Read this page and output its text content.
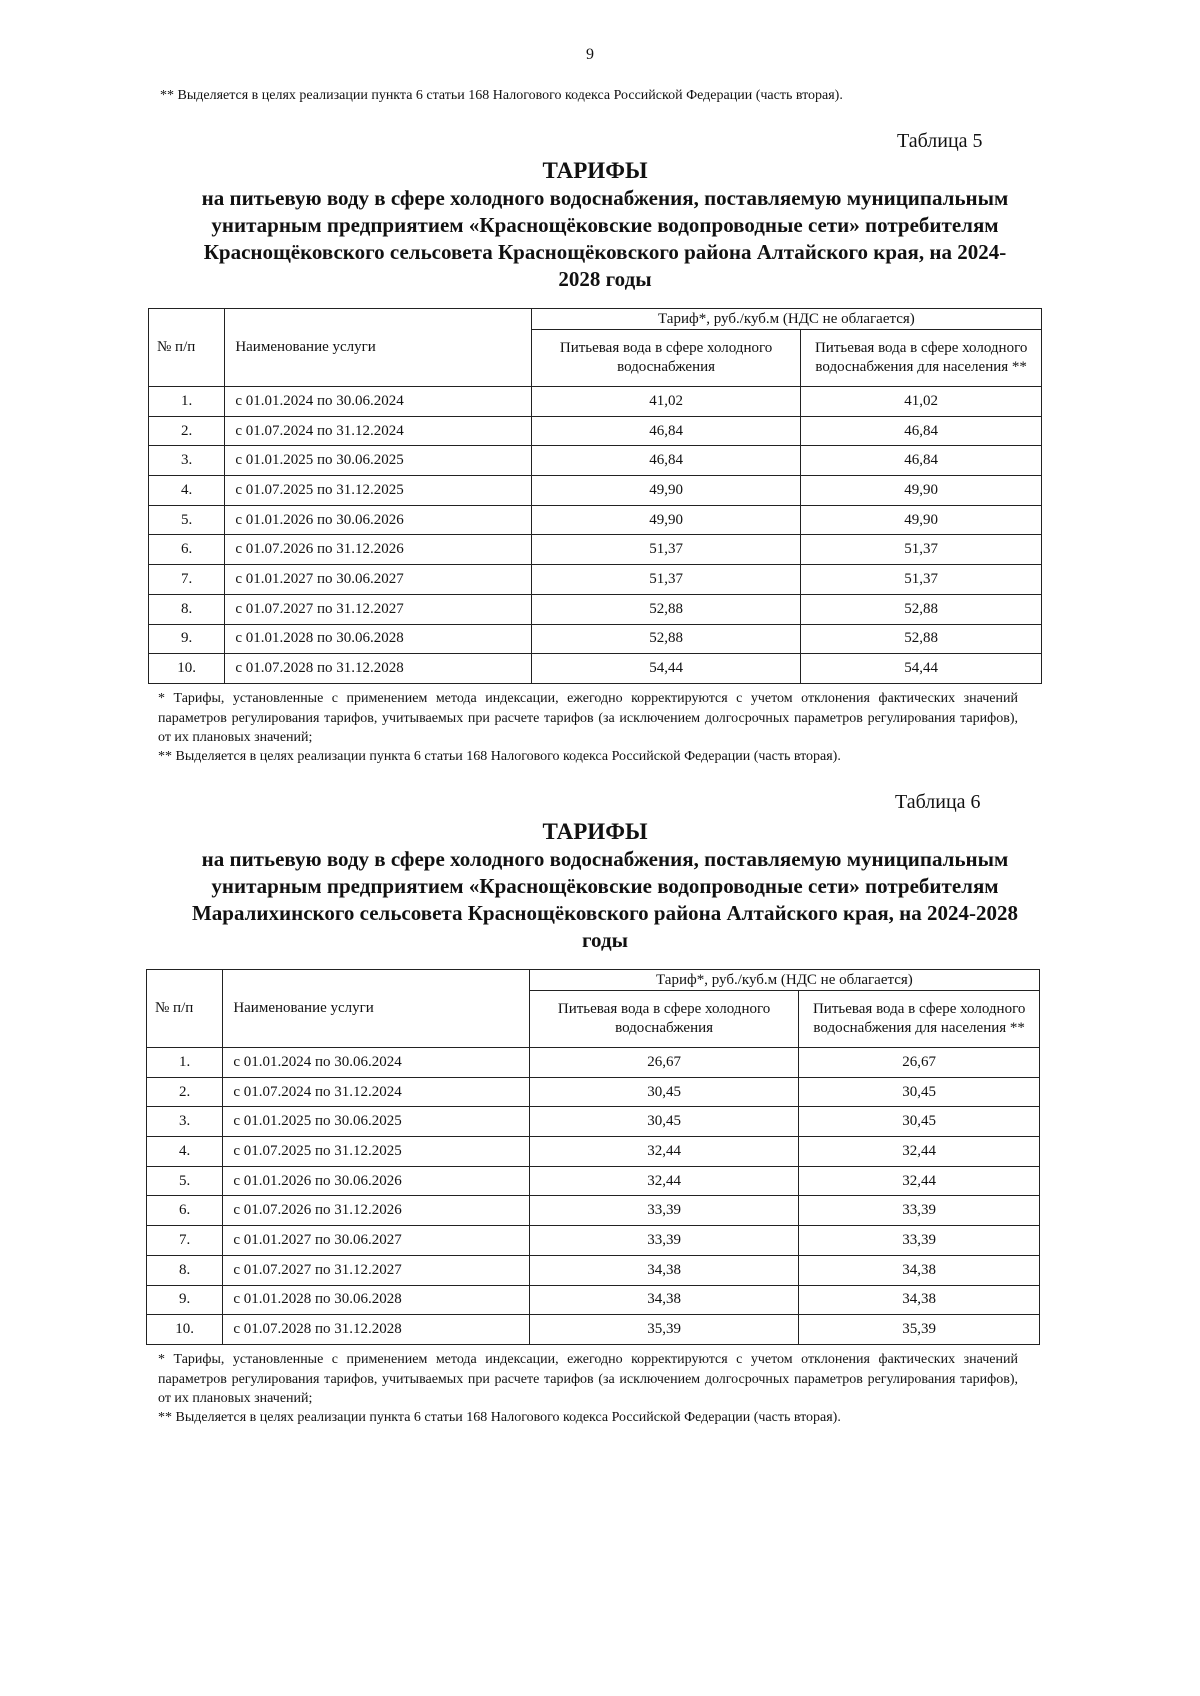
9
** Выделяется в целях реализации пункта 6 статьи 168 Налогового кодекса Российской Федерации (часть вторая).
Таблица 5
ТАРИФЫ
на питьевую воду в сфере холодного водоснабжения, поставляемую муниципальным унитарным предприятием «Краснощёковские водопроводные сети» потребителям Краснощёковского сельсовета Краснощёковского района Алтайского края, на 2024-2028 годы
№ п/п	Наименование услуги	Тариф*, руб./куб.м (НДС не облагается)	
		Питьевая вода в сфере холодного водоснабжения	Питьевая вода в сфере холодного водоснабжения для населения **
1.	с 01.01.2024 по 30.06.2024	41,02	41,02
2.	с 01.07.2024 по 31.12.2024	46,84	46,84
3.	с 01.01.2025 по 30.06.2025	46,84	46,84
4.	с 01.07.2025 по 31.12.2025	49,90	49,90
5.	с 01.01.2026 по 30.06.2026	49,90	49,90
6.	с 01.07.2026 по 31.12.2026	51,37	51,37
7.	с 01.01.2027 по 30.06.2027	51,37	51,37
8.	с 01.07.2027 по 31.12.2027	52,88	52,88
9.	с 01.01.2028 по 30.06.2028	52,88	52,88
10.	с 01.07.2028 по 31.12.2028	54,44	54,44
* Тарифы, установленные с применением метода индексации, ежегодно корректируются с учетом отклонения фактических значений параметров регулирования тарифов, учитываемых при расчете тарифов (за исключением долгосрочных параметров регулирования тарифов), от их плановых значений;
** Выделяется в целях реализации пункта 6 статьи 168 Налогового кодекса Российской Федерации (часть вторая).
Таблица 6
ТАРИФЫ
на питьевую воду в сфере холодного водоснабжения, поставляемую муниципальным унитарным предприятием «Краснощёковские водопроводные сети» потребителям Маралихинского сельсовета Краснощёковского района Алтайского края, на 2024-2028 годы
№ п/п	Наименование услуги	Тариф*, руб./куб.м (НДС не облагается)	
		Питьевая вода в сфере холодного водоснабжения	Питьевая вода в сфере холодного водоснабжения для населения **
1.	с 01.01.2024 по 30.06.2024	26,67	26,67
2.	с 01.07.2024 по 31.12.2024	30,45	30,45
3.	с 01.01.2025 по 30.06.2025	30,45	30,45
4.	с 01.07.2025 по 31.12.2025	32,44	32,44
5.	с 01.01.2026 по 30.06.2026	32,44	32,44
6.	с 01.07.2026 по 31.12.2026	33,39	33,39
7.	с 01.01.2027 по 30.06.2027	33,39	33,39
8.	с 01.07.2027 по 31.12.2027	34,38	34,38
9.	с 01.01.2028 по 30.06.2028	34,38	34,38
10.	с 01.07.2028 по 31.12.2028	35,39	35,39
* Тарифы, установленные с применением метода индексации, ежегодно корректируются с учетом отклонения фактических значений параметров регулирования тарифов, учитываемых при расчете тарифов (за исключением долгосрочных параметров регулирования тарифов), от их плановых значений;
** Выделяется в целях реализации пункта 6 статьи 168 Налогового кодекса Российской Федерации (часть вторая).
